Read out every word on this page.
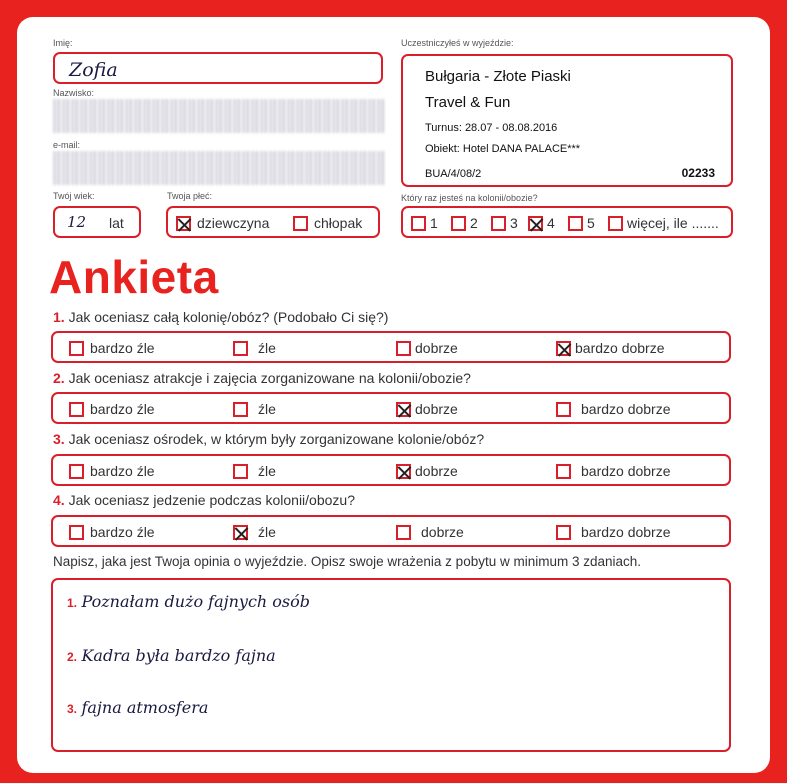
Imię:
Zofia
Nazwisko:
e-mail:
Twój wiek:
12 lat
Twoja płeć:
dziewczyna	chłopak
Uczestniczyłeś w wyjeździe:
Bułgaria - Złote Piaski
Travel & Fun
Turnus: 28.07 - 08.08.2016
Obiekt: Hotel DANA PALACE***
BUA/4/08/2	02233
Który raz jesteś na kolonii/obozie?
1	2	3	4	5	więcej, ile .......
Ankieta
1. Jak oceniasz całą kolonię/obóz? (Podobało Ci się?)
bardzo źle	źle	dobrze	bardzo dobrze
2. Jak oceniasz atrakcje i zajęcia zorganizowane na kolonii/obozie?
bardzo źle	źle	dobrze	bardzo dobrze
3. Jak oceniasz ośrodek, w którym były zorganizowane kolonie/obóz?
bardzo źle	źle	dobrze	bardzo dobrze
4. Jak oceniasz jedzenie podczas kolonii/obozu?
bardzo źle	źle	dobrze	bardzo dobrze
Napisz, jaka jest Twoja opinia o wyjeździe. Opisz swoje wrażenia z pobytu w minimum 3 zdaniach.
1. Poznałam dużo fajnych osób
2. Kadra była bardzo fajna
3. fajna atmosfera
